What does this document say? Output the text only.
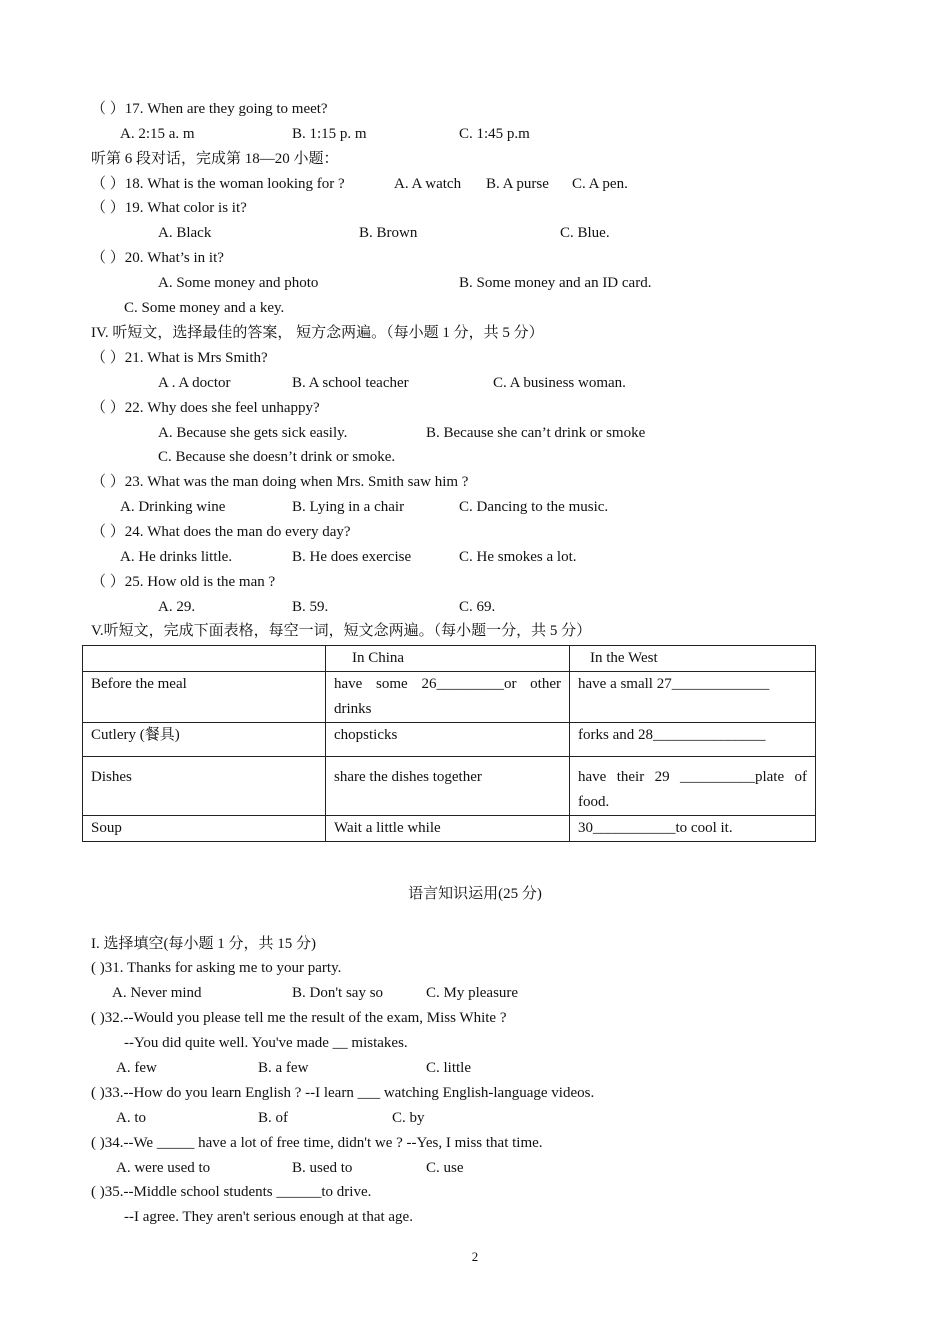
（ ）17. When are they going to meet?
A. 2:15 a. m	B. 1:15 p. m	C. 1:45 p.m
听第 6 段对话，完成第 18—20 小题：
（ ）18. What is the woman looking for ?	A. A watch B. A purse C. A pen.
（ ）19. What color is it?
A. Black	B. Brown	C. Blue.
（ ）20. What’s in it?
A. Some money and photo	B. Some money and an ID card.
C. Some money and a key.
IV. 听短文，选择最佳的答案， 短方念两遍。（每小题 1 分，共 5 分）
（ ）21. What is Mrs Smith?
A . A doctor	B. A school teacher	C. A business woman.
（ ）22. Why does she feel unhappy?
A. Because she gets sick easily.	B. Because she can’t drink or smoke
C. Because she doesn’t drink or smoke.
（ ）23. What was the man doing when Mrs. Smith saw him ?
A. Drinking wine	B. Lying in a chair	C. Dancing to the music.
（ ）24. What does the man do every day?
A. He drinks little.	B. He does exercise	C. He smokes a lot.
（ ）25. How old is the man ?
A. 29.	B. 59.	C. 69.
V.听短文，完成下面表格，每空一词，短文念两遍。（每小题一分，共 5 分）
	In China	In the West
Before the meal	have some 26_________or other drinks	have a small 27_____________
Cutlery (餐具)	chopsticks	forks and 28_______________
Dishes	share the dishes together	have their 29 __________plate of food.
Soup	Wait a little while	30___________to cool it.
语言知识运用(25 分)
I. 选择填空(每小题 1 分，共 15 分)
( )31. Thanks for asking me to your party.
A. Never mind	B. Don't say so	C. My pleasure
( )32.--Would you please tell me the result of the exam, Miss White ?
--You did quite well. You've made __ mistakes.
A. few	B. a few	C. little
( )33.--How do you learn English ? --I learn ___ watching English-language videos.
A. to	B. of	C. by
( )34.--We _____ have a lot of free time, didn't we ? --Yes, I miss that time.
A. were used to	B. used to	C. use
( )35.--Middle school students ______to drive.
--I agree. They aren't serious enough at that age.
2
